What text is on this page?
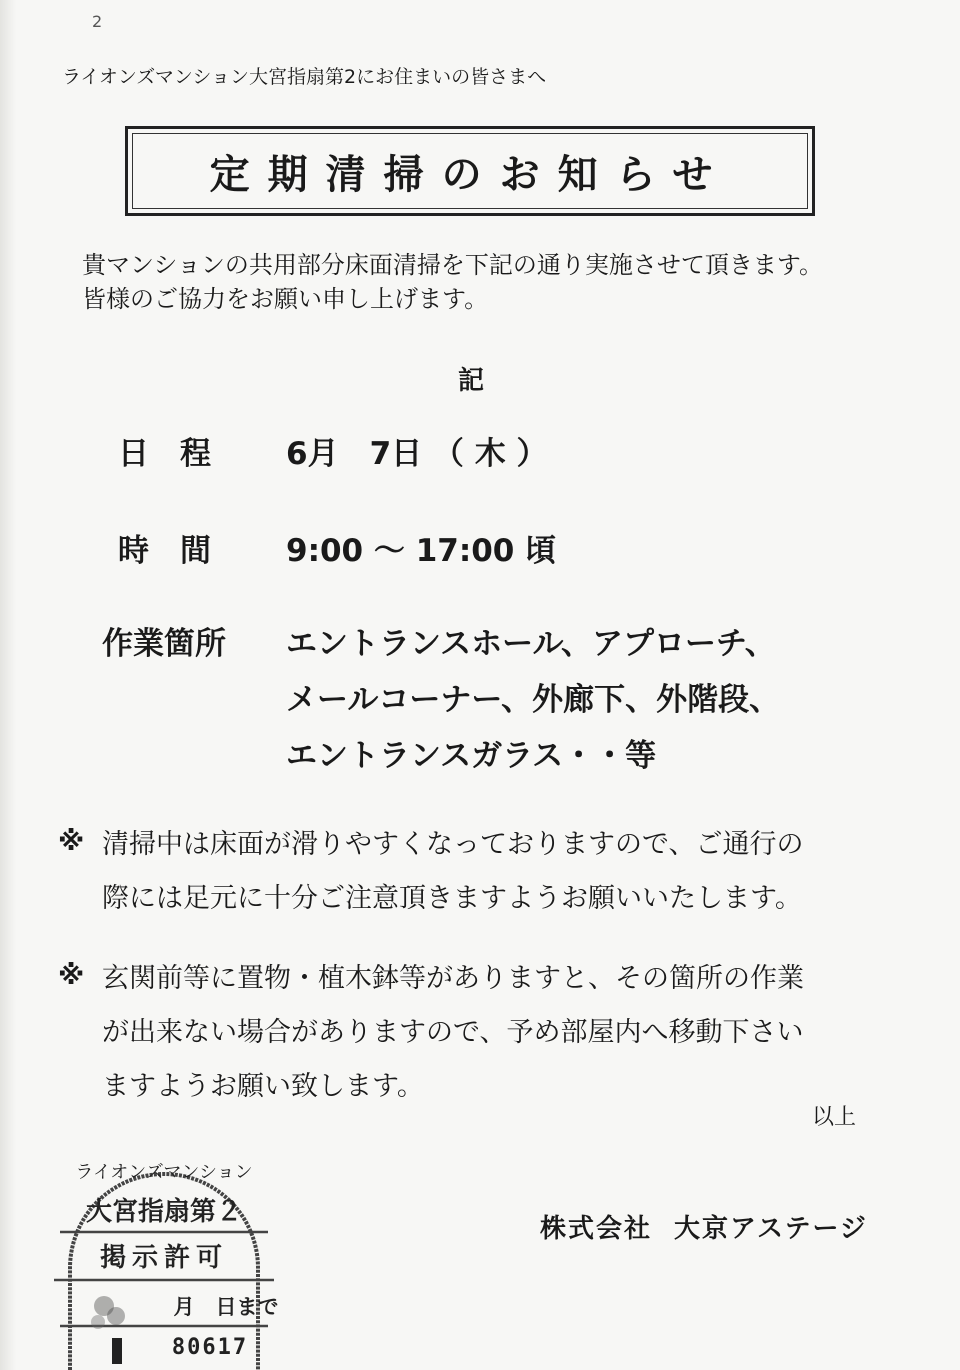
2
ライオンズマンション大宮指扇第2にお住まいの皆さまへ
定期清掃のお知らせ
貴マンションの共用部分床面清掃を下記の通り実施させて頂きます。
皆様のご協力をお願い申し上げます。
記
日　程 6月　7日 （ 木 ）
時　間 9:00 ～ 17:00 頃
作業箇所 エントランスホール、アプローチ、
メールコーナー、外廊下、外階段、
エントランスガラス・・等
※ 清掃中は床面が滑りやすくなっておりますので、ご通行の
際には足元に十分ご注意頂きますようお願いいたします。
※ 玄関前等に置物・植木鉢等がありますと、その箇所の作業
が出来ない場合がありますので、予め部屋内へ移動下さい
ますようお願い致します。
以上
株式会社 大京アステージ
ライオンズマンション
大宮指扇第２
掲示許可
月　日まで
80617
